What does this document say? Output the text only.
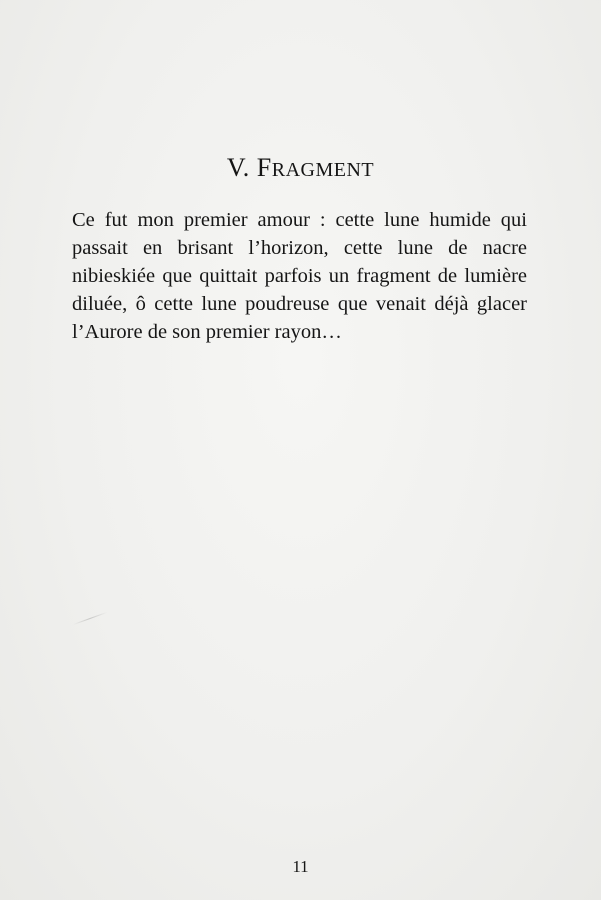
V. FRAGMENT

Ce fut mon premier amour : cette lune humide qui passait en brisant l’horizon, cette lune de nacre nibieskiée que quittait parfois un fragment de lumière diluée, ô cette lune poudreuse que venait déjà glacer l’Aurore de son premier rayon…

11
